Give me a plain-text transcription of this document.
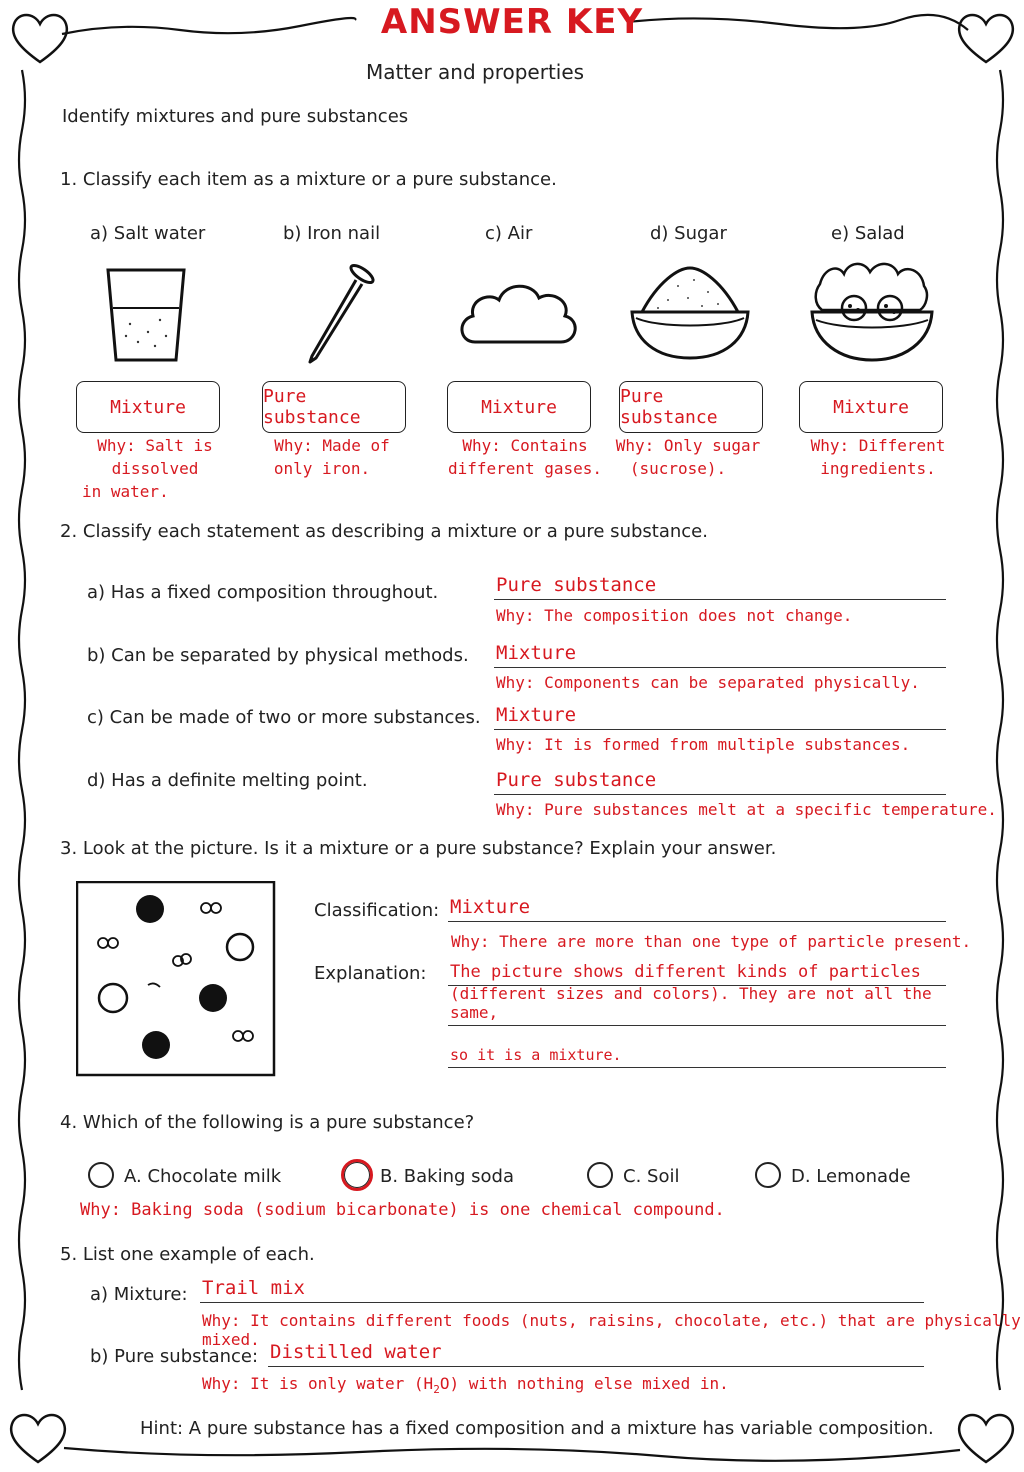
ANSWER KEY
Matter and properties
Identify mixtures and pure substances
1. Classify each item as a mixture or a pure substance.
a) Salt water	b) Iron nail	c) Air	d) Sugar	e) Salad
Mixture	Pure substance	Mixture	Pure substance	Mixture
Why: Salt is dissolved
in water.
Why: Made of
only iron.
Why: Contains
different gases.
Why: Only sugar
(sucrose).
Why: Different
ingredients.
2. Classify each statement as describing a mixture or a pure substance.
a) Has a fixed composition throughout.	Pure substance
Why: The composition does not change.
b) Can be separated by physical methods. Mixture
Why: Components can be separated physically.
c) Can be made of two or more substances. Mixture
Why: It is formed from multiple substances.
d) Has a definite melting point.	Pure substance
Why: Pure substances melt at a specific temperature.
3. Look at the picture. Is it a mixture or a pure substance? Explain your answer.
Classification: Mixture
Why: There are more than one type of particle present.
Explanation: The picture shows different kinds of particles
(different sizes and colors). They are not all the same,
so it is a mixture.
4. Which of the following is a pure substance?
A. Chocolate milk	B. Baking soda	C. Soil	D. Lemonade
Why: Baking soda (sodium bicarbonate) is one chemical compound.
5. List one example of each.
a) Mixture: Trail mix
Why: It contains different foods (nuts, raisins, chocolate, etc.) that are physically mixed.
b) Pure substance: Distilled water
Why: It is only water $(H_2O)$ with nothing else mixed in.
Hint: A pure substance has a fixed composition and a mixture has variable composition.
